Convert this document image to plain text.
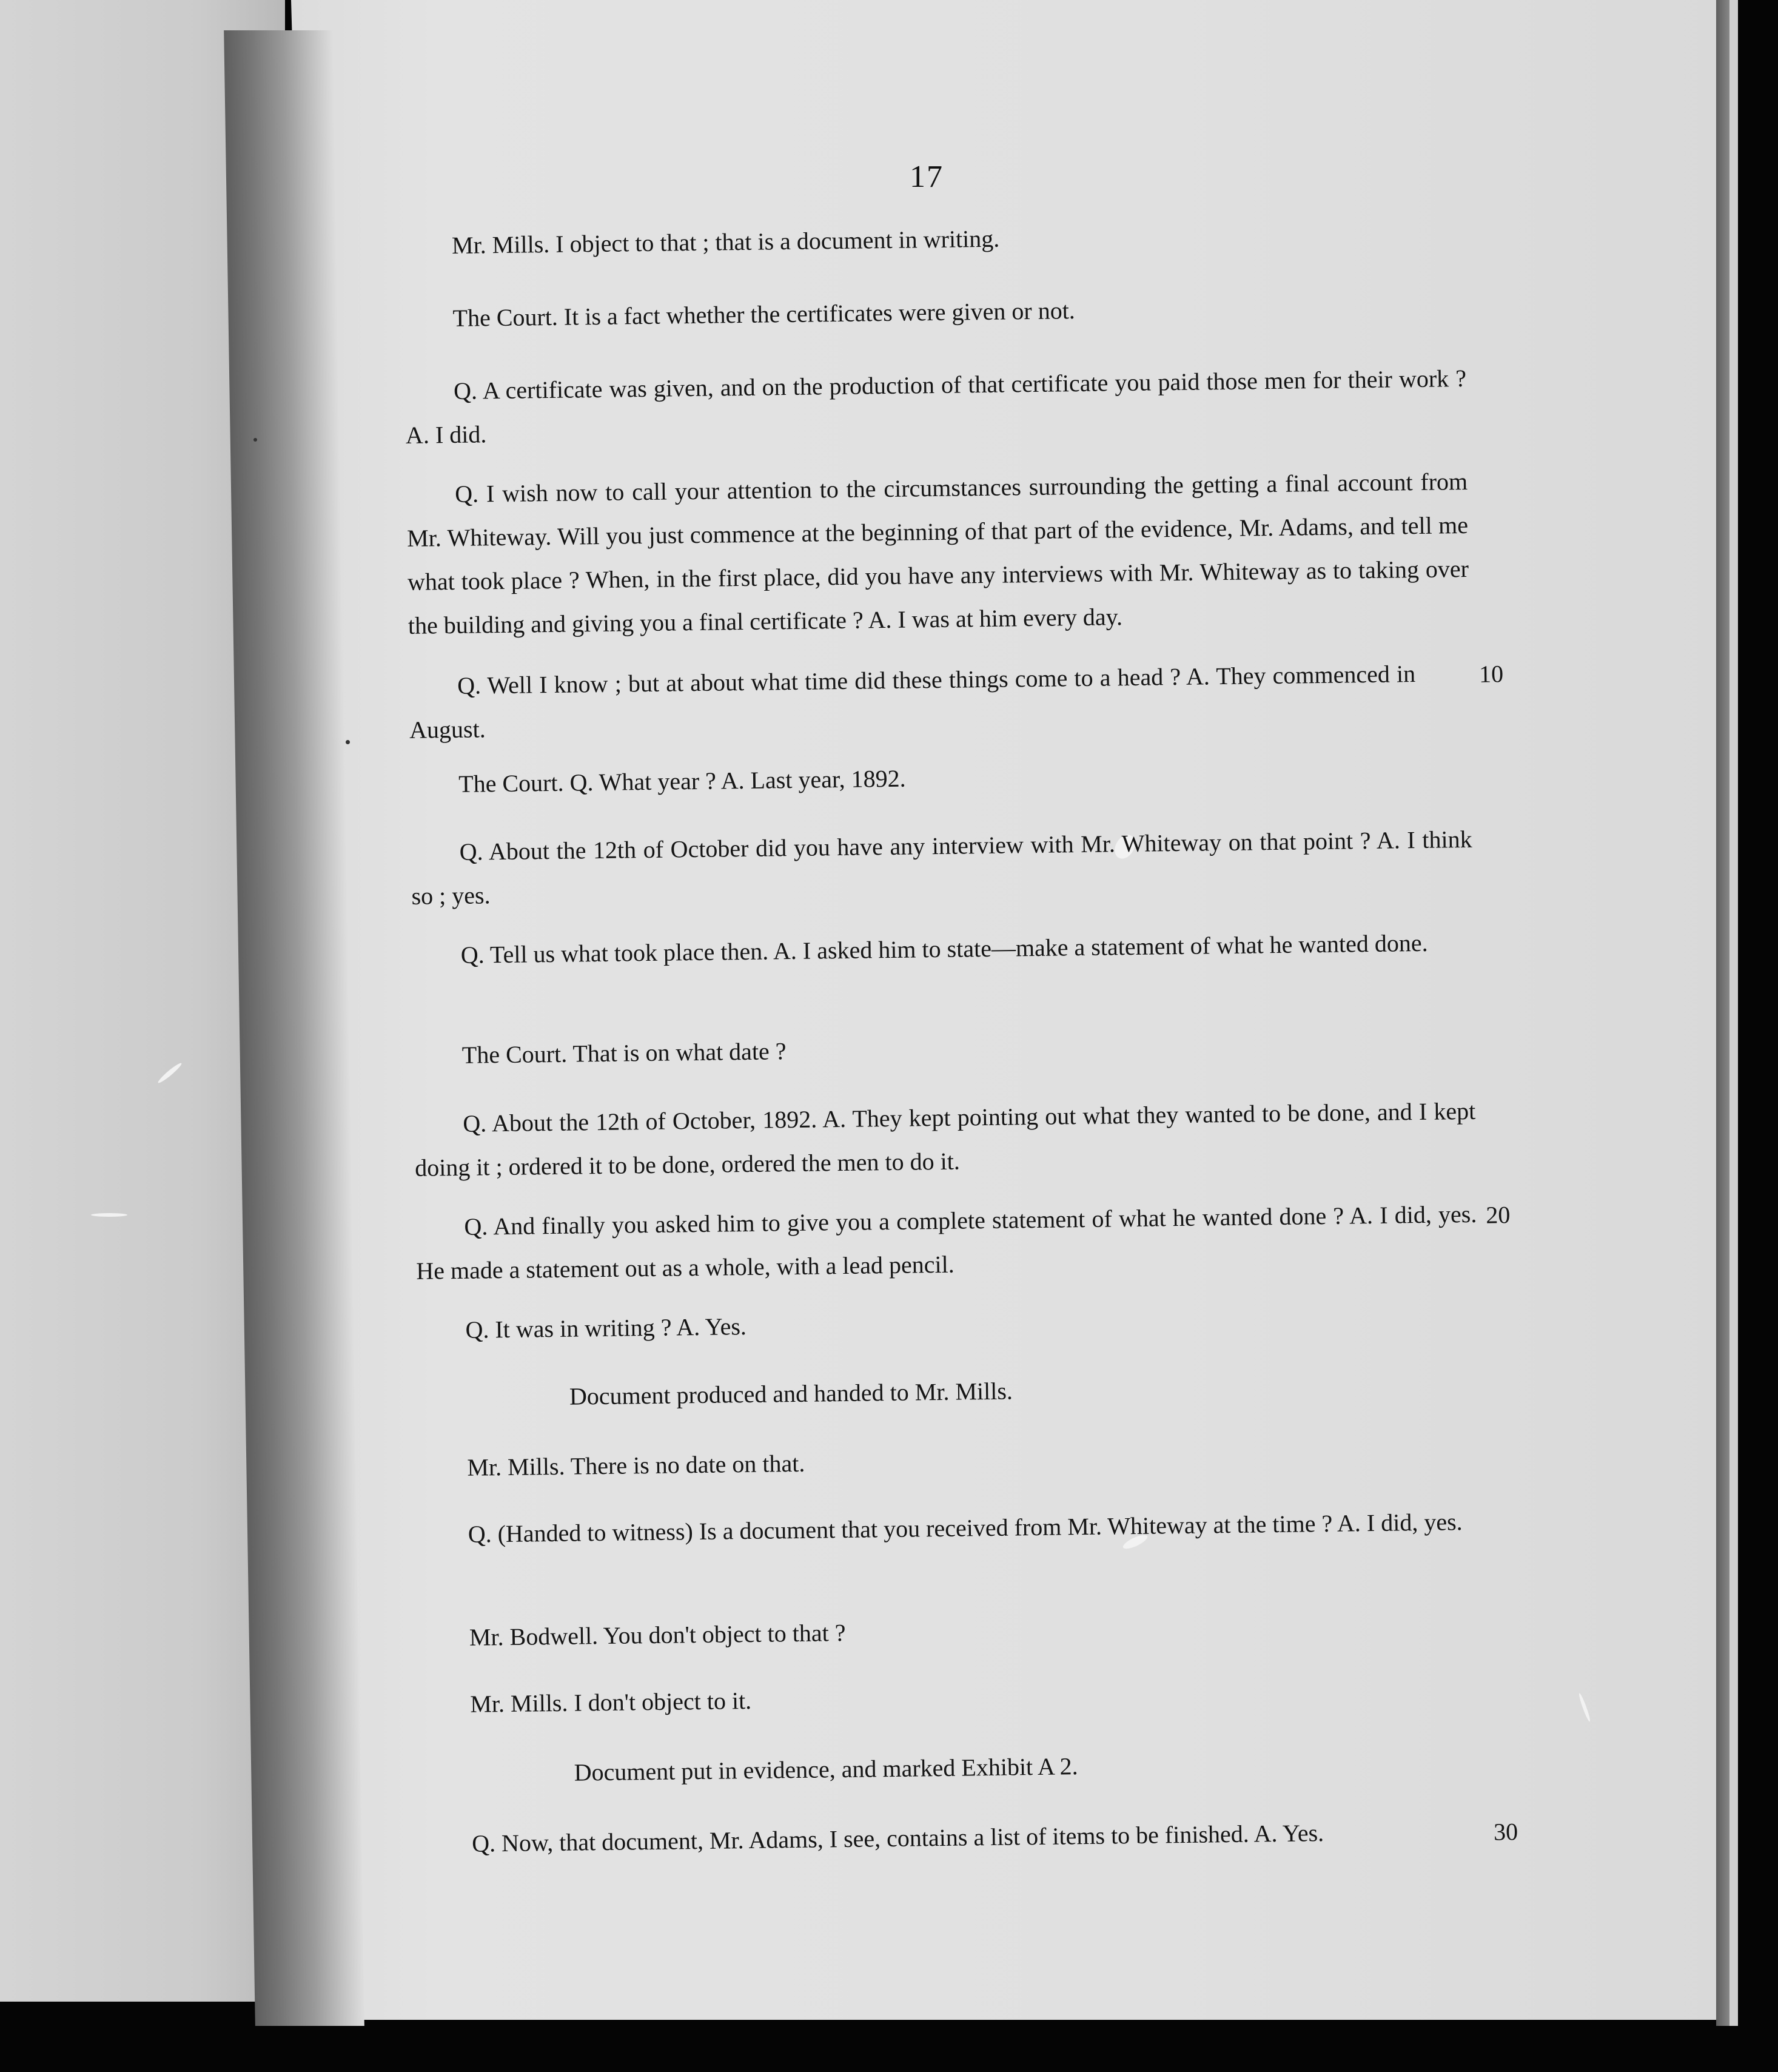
17

Mr. Mills. I object to that ; that is a document in writing.

The Court. It is a fact whether the certificates were given or not.

Q. A certificate was given, and on the production of that certificate you paid those men for their work ? A. I did.

Q. I wish now to call your attention to the circumstances surrounding the getting a final account from Mr. Whiteway. Will you just commence at the beginning of that part of the evidence, Mr. Adams, and tell me what took place ? When, in the first place, did you have any interviews with Mr. Whiteway as to taking over the building and giving you a final certificate ? A. I was at him every day.

Q. Well I know ; but at about what time did these things come to a head ? A. They commenced in August.

The Court. Q. What year ? A. Last year, 1892.

Q. About the 12th of October did you have any interview with Mr. Whiteway on that point ? A. I think so ; yes.

Q. Tell us what took place then. A. I asked him to state—make a statement of what he wanted done.

The Court. That is on what date ?

Q. About the 12th of October, 1892. A. They kept pointing out what they wanted to be done, and I kept doing it ; ordered it to be done, ordered the men to do it.

Q. And finally you asked him to give you a complete statement of what he wanted done ? A. I did, yes. He made a statement out as a whole, with a lead pencil.

Q. It was in writing ? A. Yes.

Document produced and handed to Mr. Mills.

Mr. Mills. There is no date on that.

Q. (Handed to witness) Is a document that you received from Mr. Whiteway at the time ? A. I did, yes.

Mr. Bodwell. You don't object to that ?

Mr. Mills. I don't object to it.

Document put in evidence, and marked Exhibit A 2.

Q. Now, that document, Mr. Adams, I see, contains a list of items to be finished. A. Yes.

10
20
30
